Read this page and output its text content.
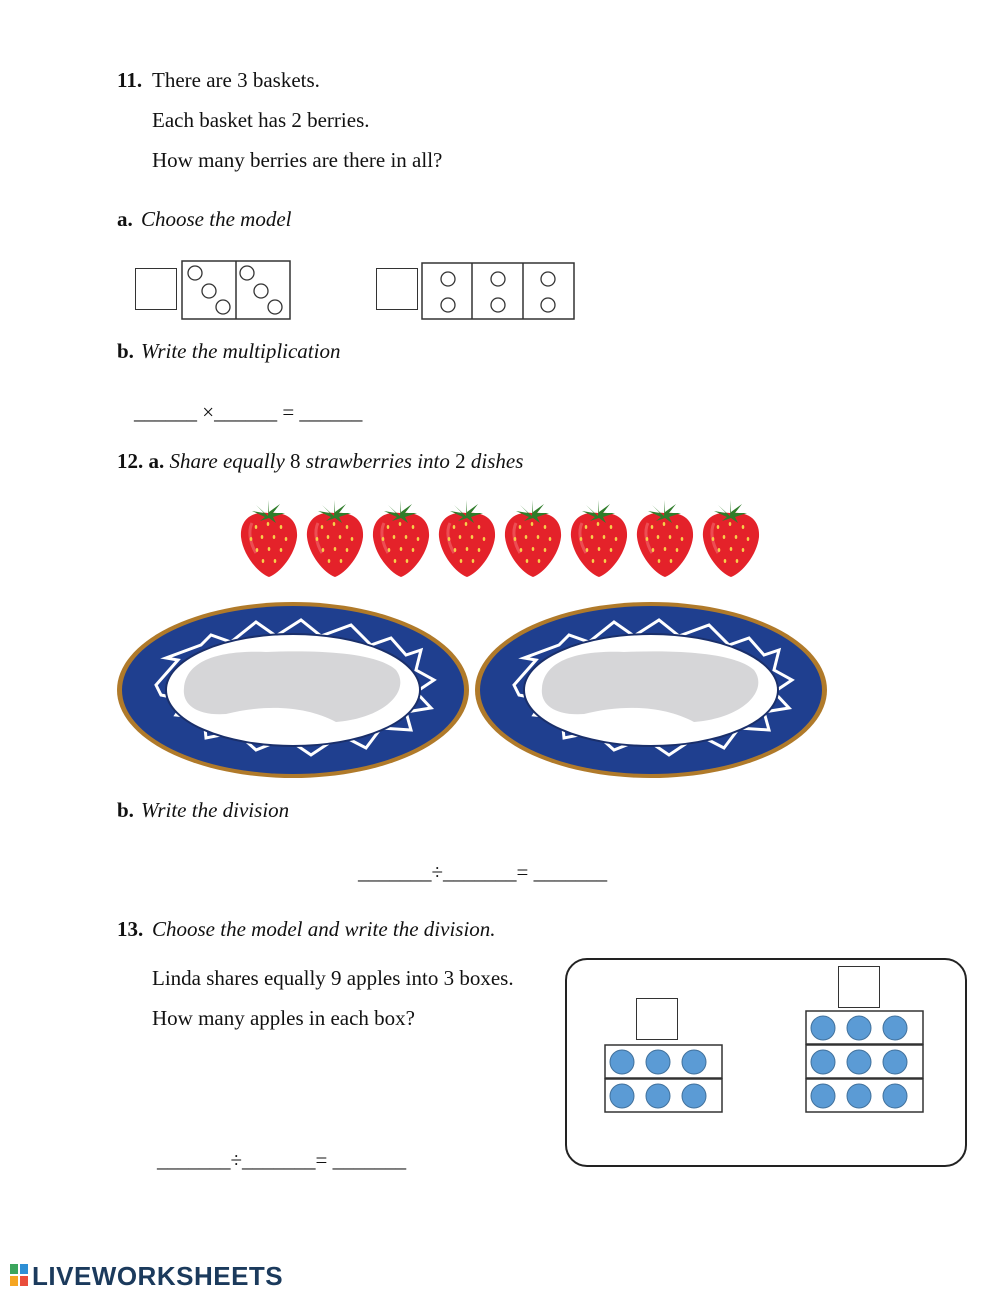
11. There are 3 baskets.
Each basket has 2 berries.
How many berries are there in all?
a. Choose the model
b. Write the multiplication
______ ×______ = ______
12. a. Share equally 8 strawberries into 2 dishes
b. Write the division
_______÷_______= _______
13. Choose the model and write the division.
Linda shares equally 9 apples into 3 boxes.
How many apples in each box?
_______÷_______= _______
LIVEWORKSHEETS
